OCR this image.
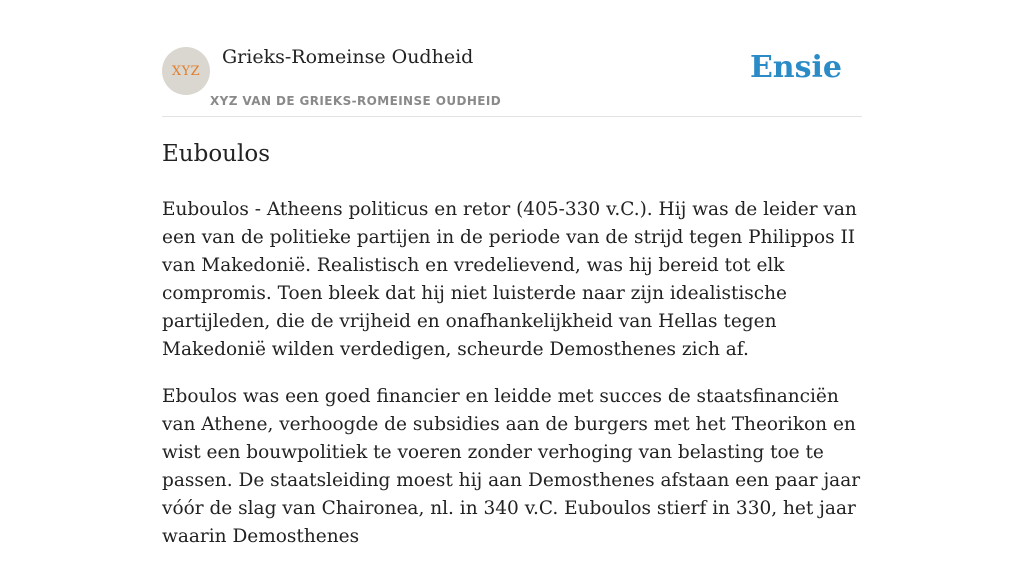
XYZ
Grieks-Romeinse Oudheid
XYZ VAN DE GRIEKS-ROMEINSE OUDHEID
Ensie
Euboulos

Euboulos - Atheens politicus en retor (405-330 v.C.). Hij was de leider van een van de politieke partijen in de periode van de strijd tegen Philippos II van Makedonië. Realistisch en vredelievend, was hij bereid tot elk compromis. Toen bleek dat hij niet luisterde naar zijn idealistische partijleden, die de vrijheid en onafhankelijkheid van Hellas tegen Makedonië wilden verdedigen, scheurde Demosthenes zich af.

Eboulos was een goed financier en leidde met succes de staatsfinanciën van Athene, verhoogde de subsidies aan de burgers met het Theorikon en wist een bouwpolitiek te voeren zonder verhoging van belasting toe te passen. De staatsleiding moest hij aan Demosthenes afstaan een paar jaar vóór de slag van Chaironea, nl. in 340 v.C. Euboulos stierf in 330, het jaar waarin Demosthenes
